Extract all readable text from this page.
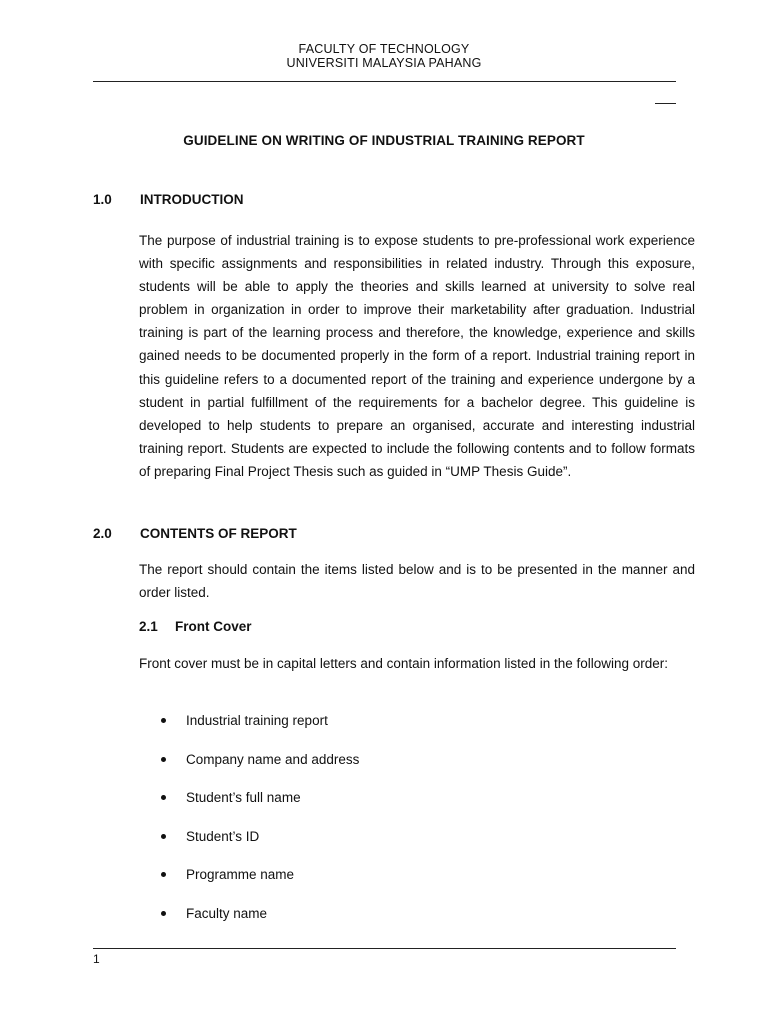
FACULTY OF TECHNOLOGY
UNIVERSITI MALAYSIA PAHANG
GUIDELINE ON WRITING OF INDUSTRIAL TRAINING REPORT
1.0 INTRODUCTION
The purpose of industrial training is to expose students to pre-professional work experience with specific assignments and responsibilities in related industry. Through this exposure, students will be able to apply the theories and skills learned at university to solve real problem in organization in order to improve their marketability after graduation. Industrial training is part of the learning process and therefore, the knowledge, experience and skills gained needs to be documented properly in the form of a report. Industrial training report in this guideline refers to a documented report of the training and experience undergone by a student in partial fulfillment of the requirements for a bachelor degree. This guideline is developed to help students to prepare an organised, accurate and interesting industrial training report. Students are expected to include the following contents and to follow formats of preparing Final Project Thesis such as guided in “UMP Thesis Guide”.
2.0 CONTENTS OF REPORT
The report should contain the items listed below and is to be presented in the manner and order listed.
2.1 Front Cover
Front cover must be in capital letters and contain information listed in the following order:
Industrial training report
Company name and address
Student’s full name
Student’s ID
Programme name
Faculty name
1
